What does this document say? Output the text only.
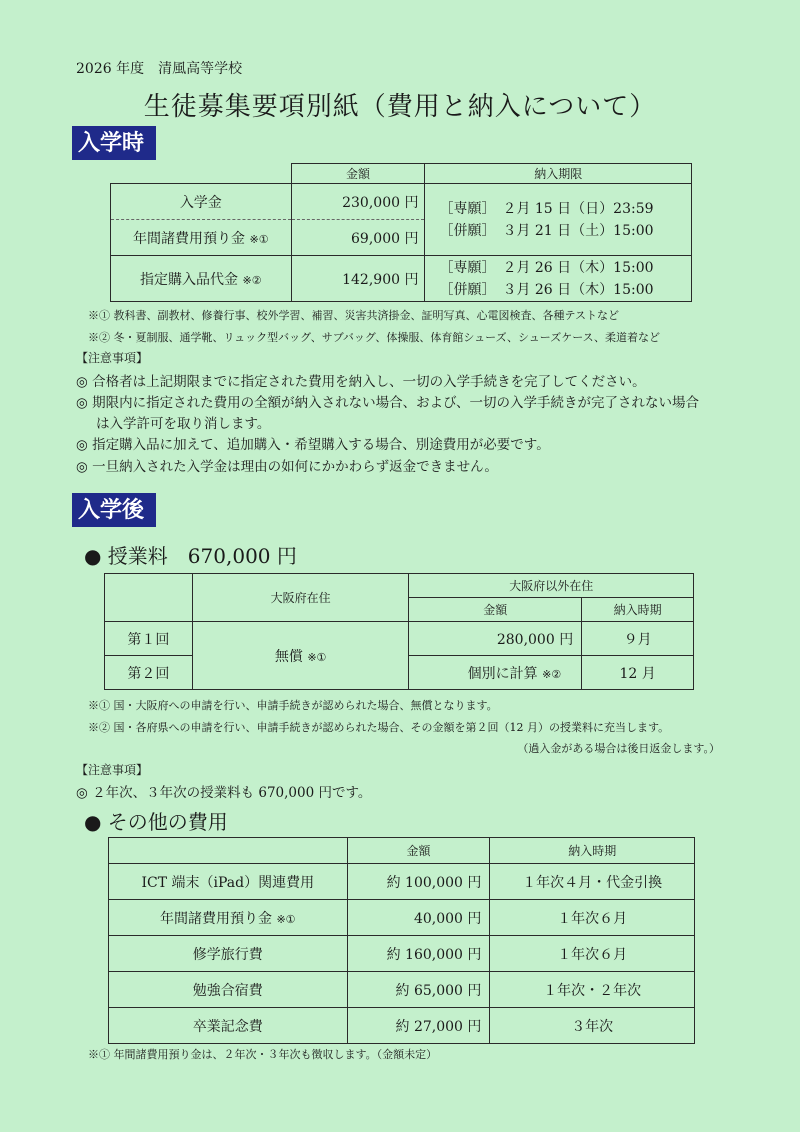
2026 年度 清風高等学校
生徒募集要項別紙（費用と納入について）
入学時
	金額	納入期限
入学金	230,000 円	［専願］　２月 15 日（日）23:59
［併願］　３月 21 日（土）15:00

年間諸費用預り金 ※①	69,000 円	
指定購入品代金 ※②	142,900 円	［専願］　２月 26 日（木）15:00
［併願］　３月 26 日（木）15:00
※① 教科書、副教材、修養行事、校外学習、補習、災害共済掛金、証明写真、心電図検査、各種テストなど
※② 冬・夏制服、通学靴、リュック型バッグ、サブバッグ、体操服、体育館シューズ、シューズケース、柔道着など
【注意事項】
◎ 合格者は上記期限までに指定された費用を納入し、一切の入学手続きを完了してください。
◎ 期限内に指定された費用の全額が納入されない場合、および、一切の入学手続きが完了されない場合
は入学許可を取り消します。
◎ 指定購入品に加えて、追加購入・希望購入する場合、別途費用が必要です。
◎ 一旦納入された入学金は理由の如何にかかわらず返金できません。
入学後
● 授業料　670,000 円
	大阪府在住	大阪府以外在住	
		金額	納入時期
第１回	無償 ※①	280,000 円	９月
第２回		個別に計算 ※②	12 月
※① 国・大阪府への申請を行い、申請手続きが認められた場合、無償となります。
※② 国・各府県への申請を行い、申請手続きが認められた場合、その金額を第２回（12 月）の授業料に充当します。
（過入金がある場合は後日返金します。）
【注意事項】
◎ ２年次、３年次の授業料も 670,000 円です。
● その他の費用
	金額	納入時期
ICT 端末（iPad）関連費用	約 100,000 円	１年次４月・代金引換
年間諸費用預り金 ※①	40,000 円	１年次６月
修学旅行費	約 160,000 円	１年次６月
勉強合宿費	約 65,000 円	１年次・２年次
卒業記念費	約 27,000 円	３年次
※① 年間諸費用預り金は、２年次・３年次も徴収します。（金額未定）
